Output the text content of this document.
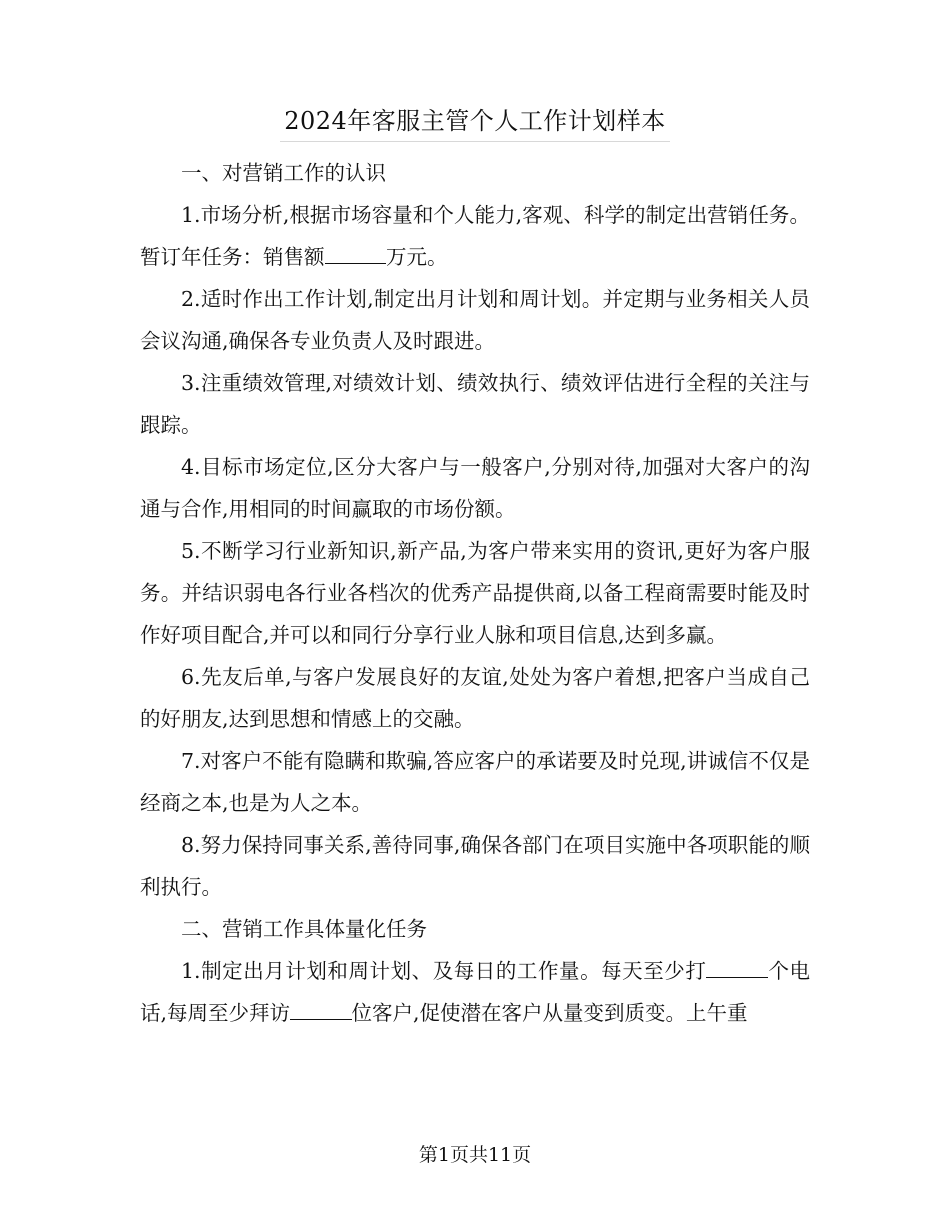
2024年客服主管个人工作计划样本

一、对营销工作的认识

1.市场分析,根据市场容量和个人能力,客观、科学的制定出营销任务。暂订年任务：销售额	万元。

2.适时作出工作计划,制定出月计划和周计划。并定期与业务相关人员会议沟通,确保各专业负责人及时跟进。

3.注重绩效管理,对绩效计划、绩效执行、绩效评估进行全程的关注与跟踪。

4.目标市场定位,区分大客户与一般客户,分别对待,加强对大客户的沟通与合作,用相同的时间赢取的市场份额。

5.不断学习行业新知识,新产品,为客户带来实用的资讯,更好为客户服务。并结识弱电各行业各档次的优秀产品提供商,以备工程商需要时能及时作好项目配合,并可以和同行分享行业人脉和项目信息,达到多赢。

6.先友后单,与客户发展良好的友谊,处处为客户着想,把客户当成自己的好朋友,达到思想和情感上的交融。

7.对客户不能有隐瞒和欺骗,答应客户的承诺要及时兑现,讲诚信不仅是经商之本,也是为人之本。

8.努力保持同事关系,善待同事,确保各部门在项目实施中各项职能的顺利执行。

二、营销工作具体量化任务

1.制定出月计划和周计划、及每日的工作量。每天至少打	个电话,每周至少拜访	位客户,促使潜在客户从量变到质变。上午重

第1页共11页
